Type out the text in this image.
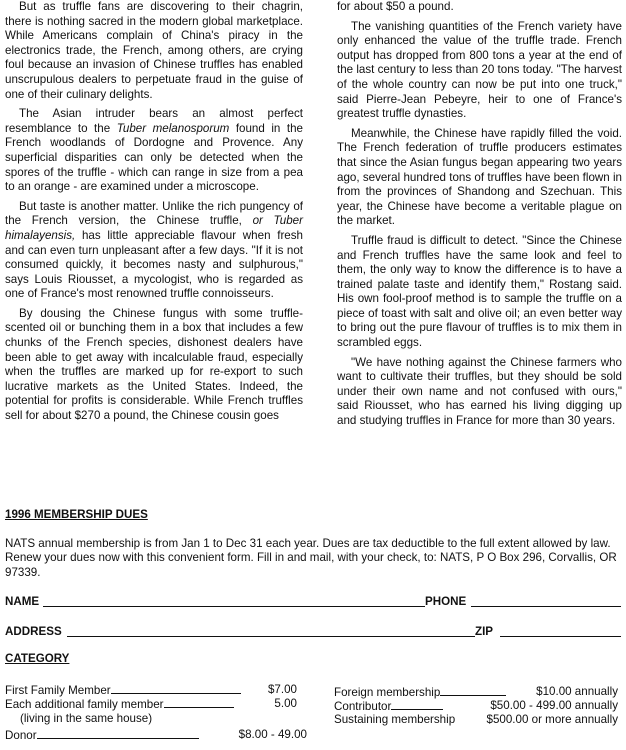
But as truffle fans are discovering to their chagrin, there is nothing sacred in the modern global marketplace. While Americans complain of China's piracy in the electronics trade, the French, among others, are crying foul because an invasion of Chinese truffles has enabled unscrupulous dealers to perpetuate fraud in the guise of one of their culinary delights.

The Asian intruder bears an almost perfect resemblance to the Tuber melanosporum found in the French woodlands of Dordogne and Provence. Any superficial disparities can only be detected when the spores of the truffle - which can range in size from a pea to an orange - are examined under a microscope.

But taste is another matter. Unlike the rich pungency of the French version, the Chinese truffle, or Tuber himalayensis, has little appreciable flavour when fresh and can even turn unpleasant after a few days. "If it is not consumed quickly, it becomes nasty and sulphurous," says Louis Riousset, a mycologist, who is regarded as one of France's most renowned truffle connoisseurs.

By dousing the Chinese fungus with some truffle-scented oil or bunching them in a box that includes a few chunks of the French species, dishonest dealers have been able to get away with incalculable fraud, especially when the truffles are marked up for re-export to such lucrative markets as the United States. Indeed, the potential for profits is considerable. While French truffles sell for about $270 a pound, the Chinese cousin goes

for about $50 a pound.

The vanishing quantities of the French variety have only enhanced the value of the truffle trade. French output has dropped from 800 tons a year at the end of the last century to less than 20 tons today. "The harvest of the whole country can now be put into one truck," said Pierre-Jean Pebeyre, heir to one of France's greatest truffle dynasties.

Meanwhile, the Chinese have rapidly filled the void. The French federation of truffle producers estimates that since the Asian fungus began appearing two years ago, several hundred tons of truffles have been flown in from the provinces of Shandong and Szechuan. This year, the Chinese have become a veritable plague on the market.

Truffle fraud is difficult to detect. "Since the Chinese and French truffles have the same look and feel to them, the only way to know the difference is to have a trained palate taste and identify them," Rostang said. His own fool-proof method is to sample the truffle on a piece of toast with salt and olive oil; an even better way to bring out the pure flavour of truffles is to mix them in scrambled eggs.

"We have nothing against the Chinese farmers who want to cultivate their truffles, but they should be sold under their own name and not confused with ours," said Riousset, who has earned his living digging up and studying truffles in France for more than 30 years.

1996 MEMBERSHIP DUES

NATS annual membership is from Jan 1 to Dec 31 each year. Dues are tax deductible to the full extent allowed by law. Renew your dues now with this convenient form. Fill in and mail, with your check, to: NATS, P O Box 296, Corvallis, OR 97339.

NAME	PHONE
ADDRESS	ZIP
CATEGORY
First Family Member	$7.00
Each additional family member	5.00
(living in the same house)
Donor	$8.00 - 49.00
Foreign membership	$10.00 annually
Contributor	$50.00 - 499.00 annually
Sustaining membership	$500.00 or more annually
